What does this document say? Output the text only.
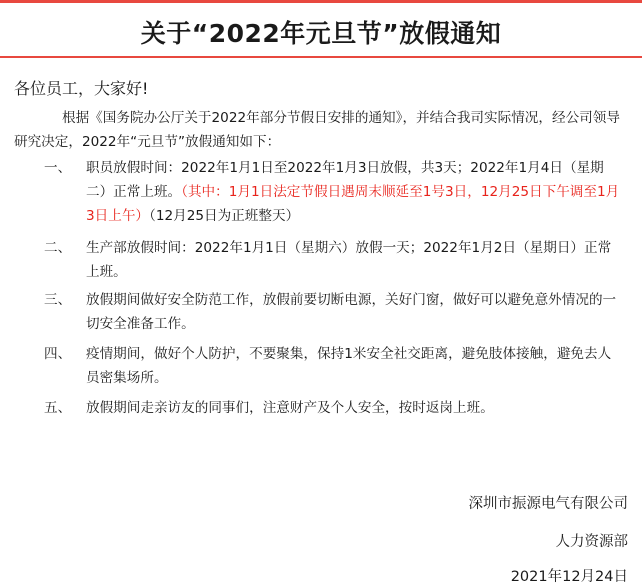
关于“2022年元旦节”放假通知
各位员工，大家好!
根据《国务院办公厅关于2022年部分节假日安排的通知》，并结合我司实际情况，经公司领导研究决定，2022年“元旦节”放假通知如下：
一、	职员放假时间：2022年1月1日至2022年1月3日放假，共3天；2022年1月4日（星期二）正常上班。（其中：1月1日法定节假日遇周末顺延至1号3日，12月25日下午调至1月3日上午）（12月25日为正班整天）
二、	生产部放假时间：2022年1月1日（星期六）放假一天；2022年1月2日（星期日）正常上班。
三、	放假期间做好安全防范工作，放假前要切断电源，关好门窗，做好可以避免意外情况的一切安全准备工作。
四、	疫情期间，做好个人防护，不要聚集，保持1米安全社交距离，避免肢体接触，避免去人员密集场所。
五、	放假期间走亲访友的同事们，注意财产及个人安全，按时返岗上班。
深圳市振源电气有限公司
人力资源部
2021年12月24日
